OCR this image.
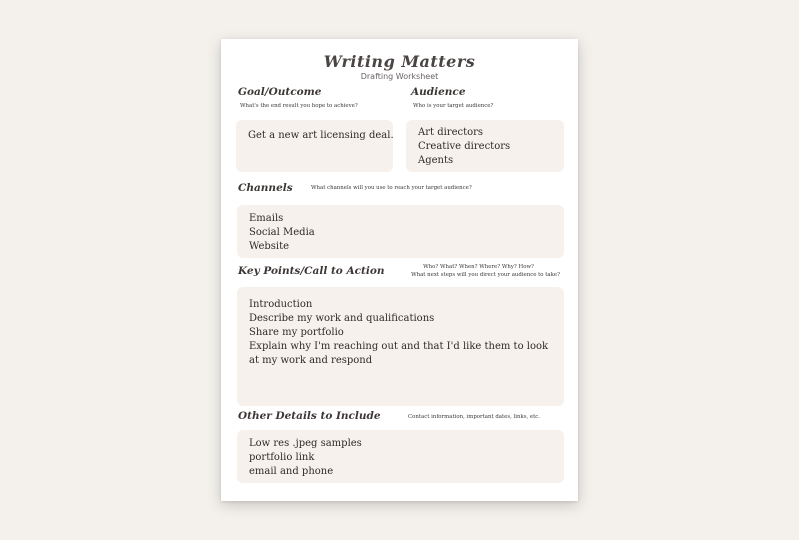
Writing Matters
Drafting Worksheet
Goal/Outcome
What's the end result you hope to achieve?
Get a new art licensing deal.
Audience
Who is your target audience?
Art directors
Creative directors
Agents
Channels	What channels will you use to reach your target audience?
Emails
Social Media
Website
Key Points/Call to Action	Who? What? When? Where? Why? How?
What next steps will you direct your audience to take?
Introduction
Describe my work and qualifications
Share my portfolio
Explain why I'm reaching out and that I'd like them to look at my work and respond
Other Details to Include	Contact information, important dates, links, etc.
Low res .jpeg samples
portfolio link
email and phone
